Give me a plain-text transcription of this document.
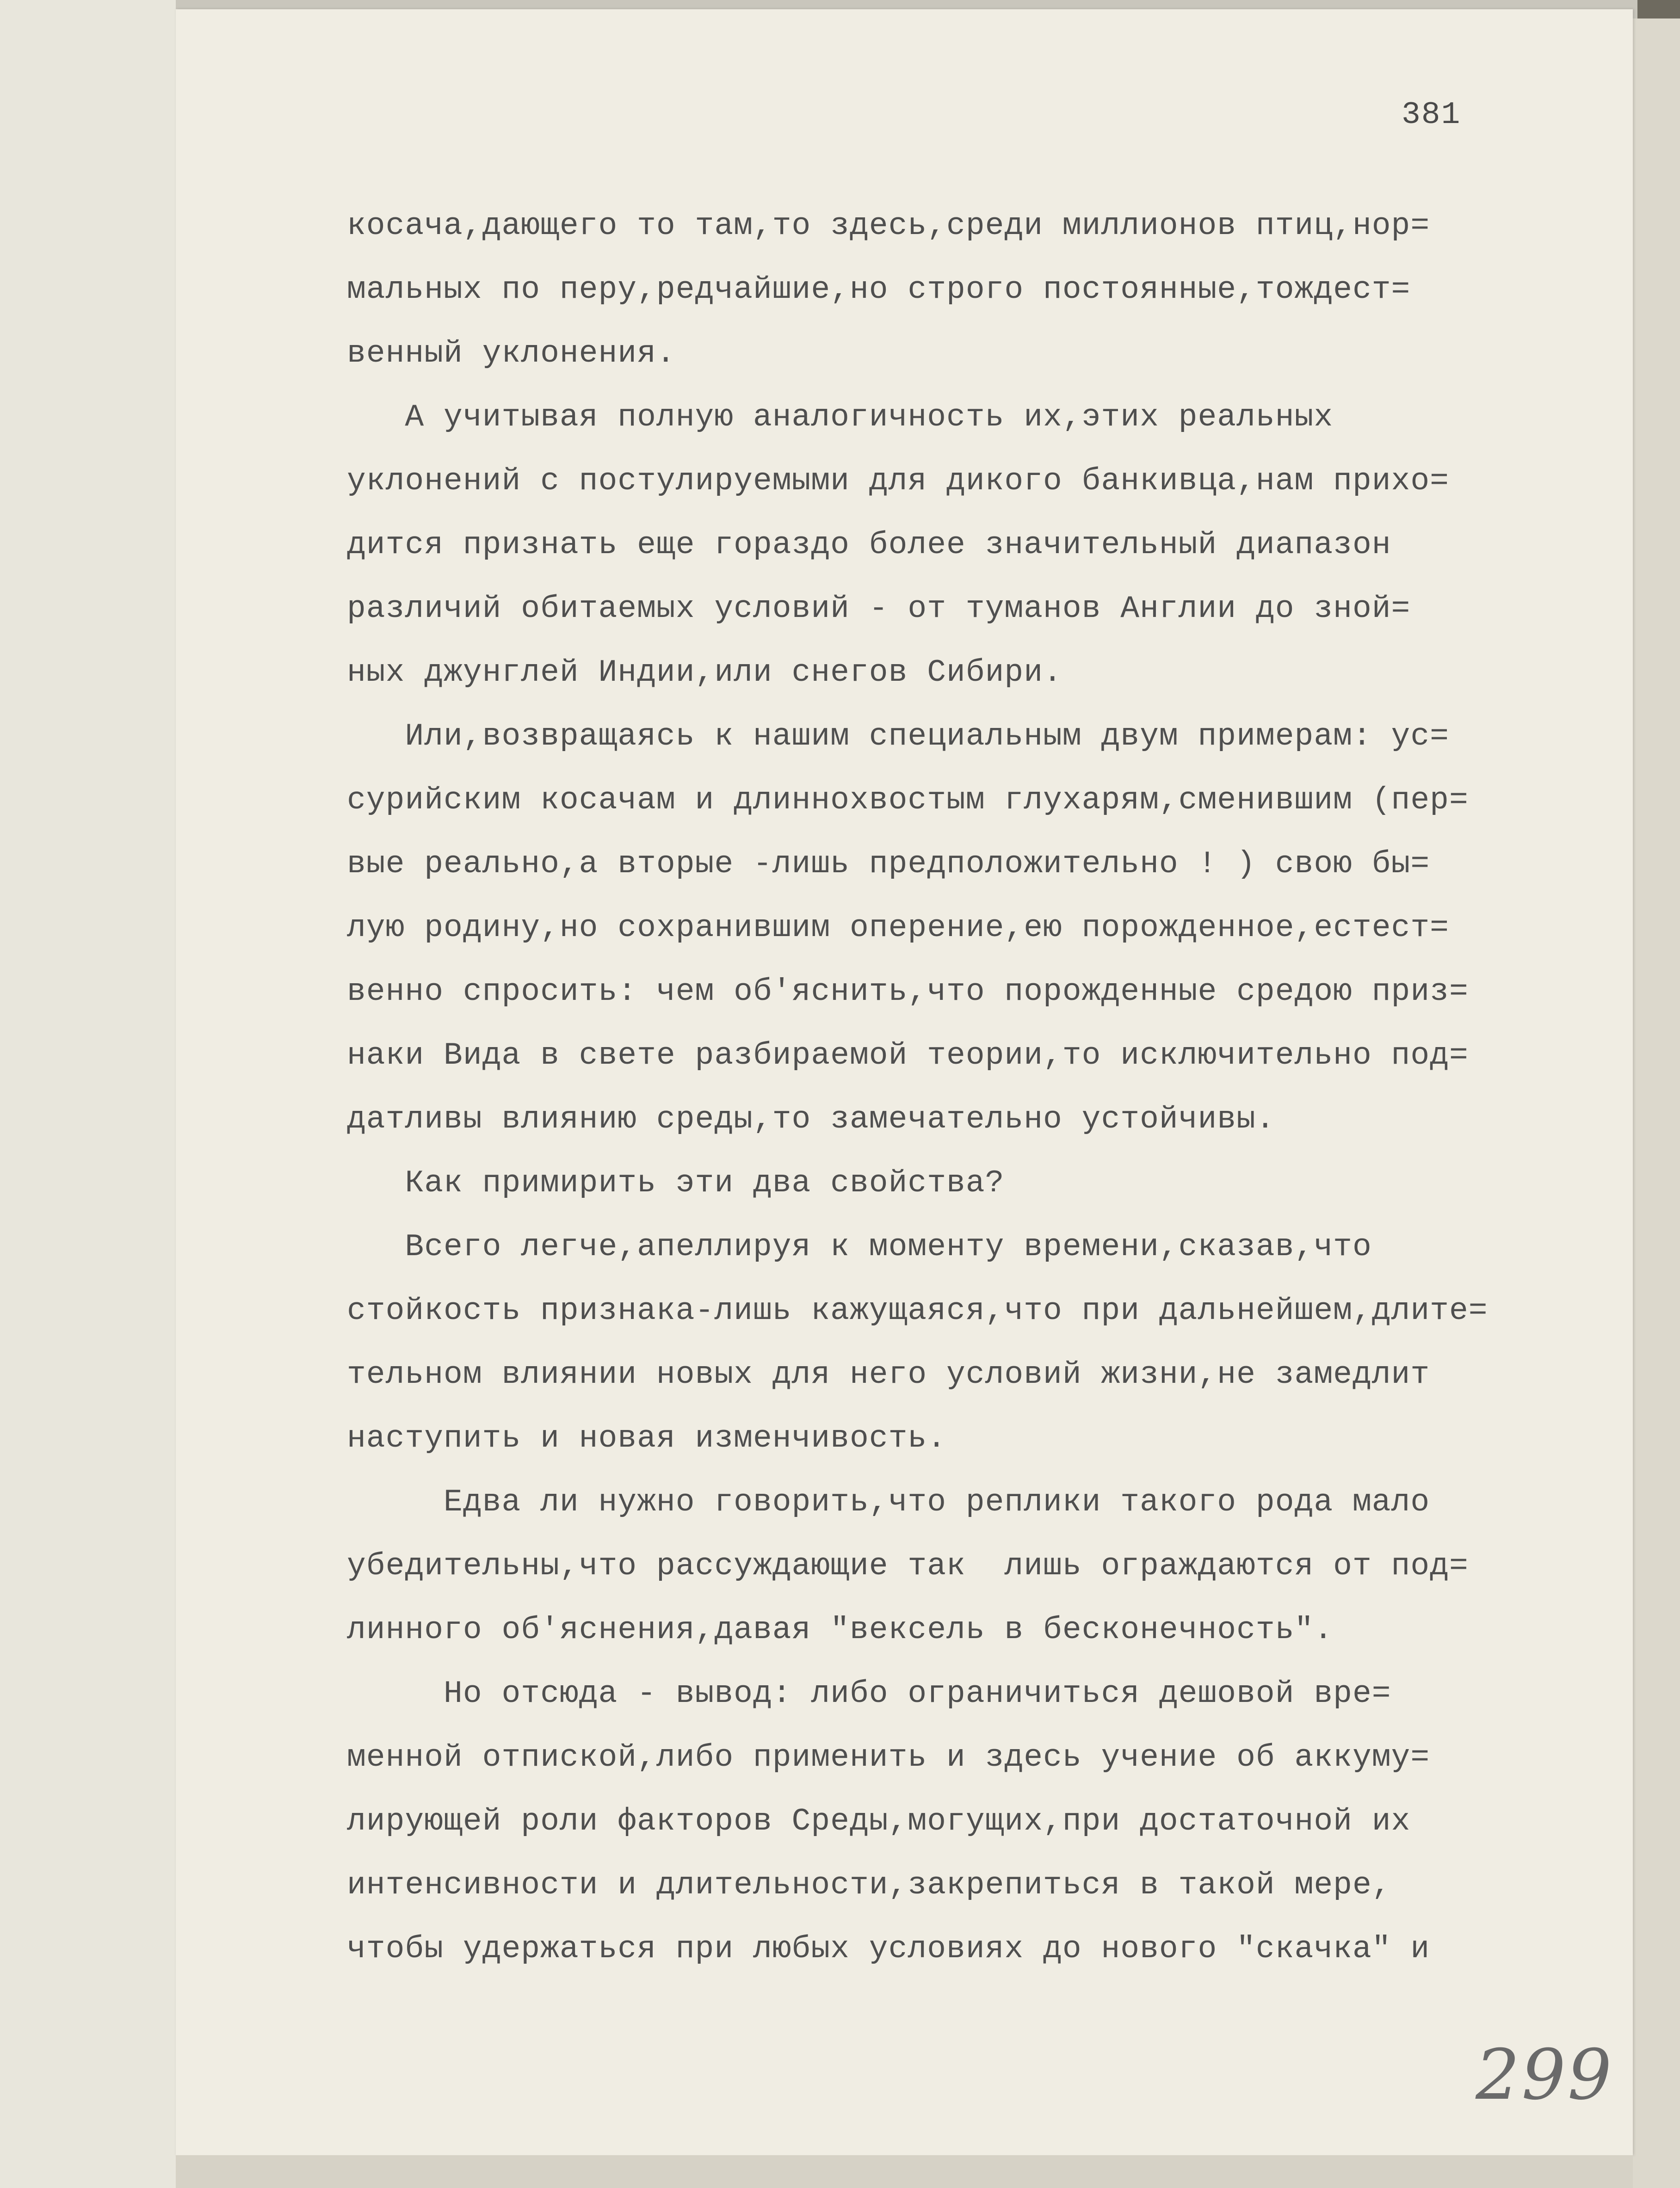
381
косача,дающего то там,то здесь,среди миллионов птиц,нор=
мальных по перу,редчайшие,но строго постоянные,тождест=
венный уклонения.
А учитывая полную аналогичность их,этих реальных
уклонений с постулируемыми для дикого банкивца,нам прихо=
дится признать еще гораздо более значительный диапазон
различий обитаемых условий - от туманов Англии до зной=
ных джунглей Индии,или снегов Сибири.
Или,возвращаясь к нашим специальным двум примерам: ус=
сурийским косачам и длиннохвостым глухарям,сменившим (пер=
вые реально,а вторые -лишь предположительно ! ) свою бы=
лую родину,но сохранившим оперение,ею порожденное,естест=
венно спросить: чем об'яснить,что порожденные средою приз=
наки Вида в свете разбираемой теории,то исключительно под=
датливы влиянию среды,то замечательно устойчивы.
Как примирить эти два свойства?
Всего легче,апеллируя к моменту времени,сказав,что
стойкость признака-лишь кажущаяся,что при дальнейшем,длите=
тельном влиянии новых для него условий жизни,не замедлит
наступить и новая изменчивость.
Едва ли нужно говорить,что реплики такого рода мало
убедительны,что рассуждающие так  лишь ограждаются от под=
линного об'яснения,давая "вексель в бесконечность".
Но отсюда - вывод: либо ограничиться дешовой вре=
менной отпиской,либо применить и здесь учение об аккуму=
лирующей роли факторов Среды,могущих,при достаточной их
интенсивности и длительности,закрепиться в такой мере,
чтобы удержаться при любых условиях до нового "скачка" и
299
